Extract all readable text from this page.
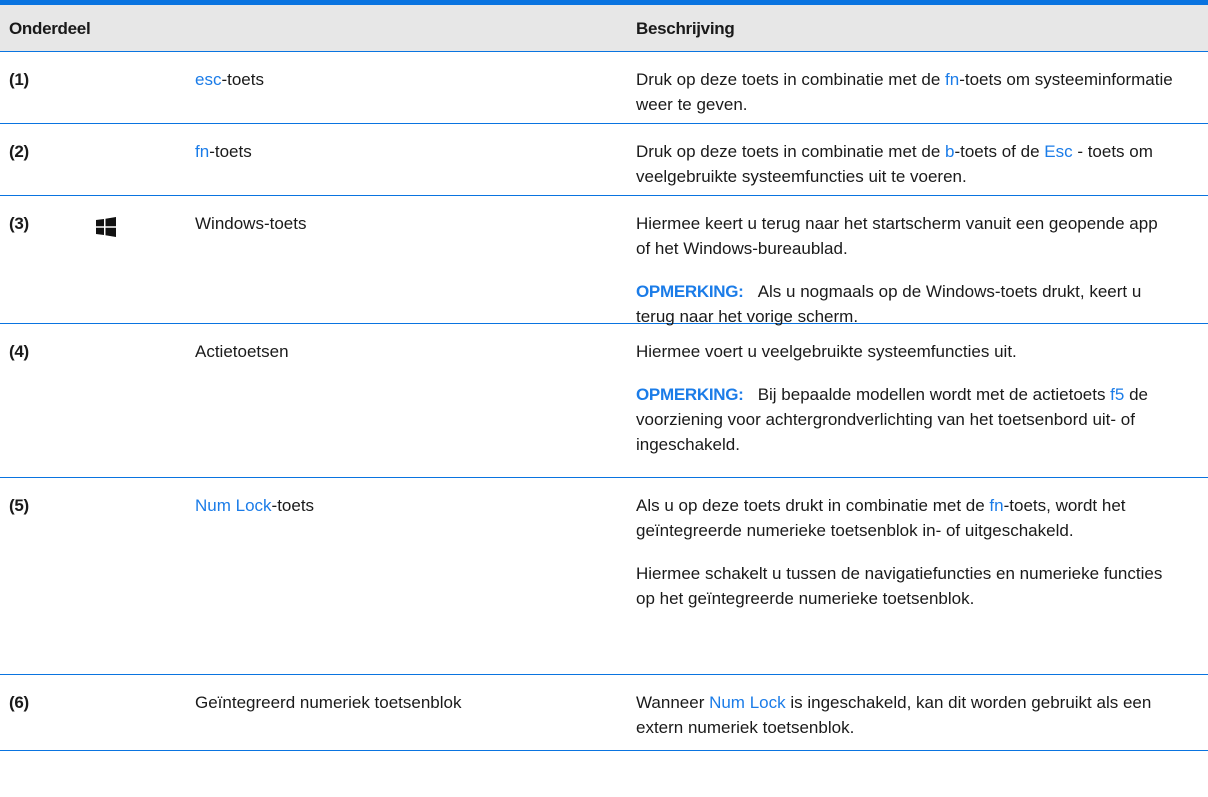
Onderdeel	Beschrijving
(1)	esc-toets	Druk op deze toets in combinatie met de fn-toets om systeeminformatie weer te geven.

(2)	fn-toets	Druk op deze toets in combinatie met de b-toets of de Esc - toets om veelgebruikte systeemfuncties uit te voeren.

(3)	Windows-toets	Hiermee keert u terug naar het startscherm vanuit een geopende app of het Windows-bureaublad.

OPMERKING: Als u nogmaals op de Windows-toets drukt, keert u terug naar het vorige scherm.

(4)	Actietoetsen	Hiermee voert u veelgebruikte systeemfuncties uit.

OPMERKING: Bij bepaalde modellen wordt met de actietoets f5 de voorziening voor achtergrondverlichting van het toetsenbord uit- of ingeschakeld.

(5)	Num Lock-toets	Als u op deze toets drukt in combinatie met de fn-toets, wordt het geïntegreerde numerieke toetsenblok in- of uitgeschakeld.

Hiermee schakelt u tussen de navigatiefuncties en numerieke functies op het geïntegreerde numerieke toetsenblok.

(6)	Geïntegreerd numeriek toetsenblok	Wanneer Num Lock is ingeschakeld, kan dit worden gebruikt als een extern numeriek toetsenblok.
